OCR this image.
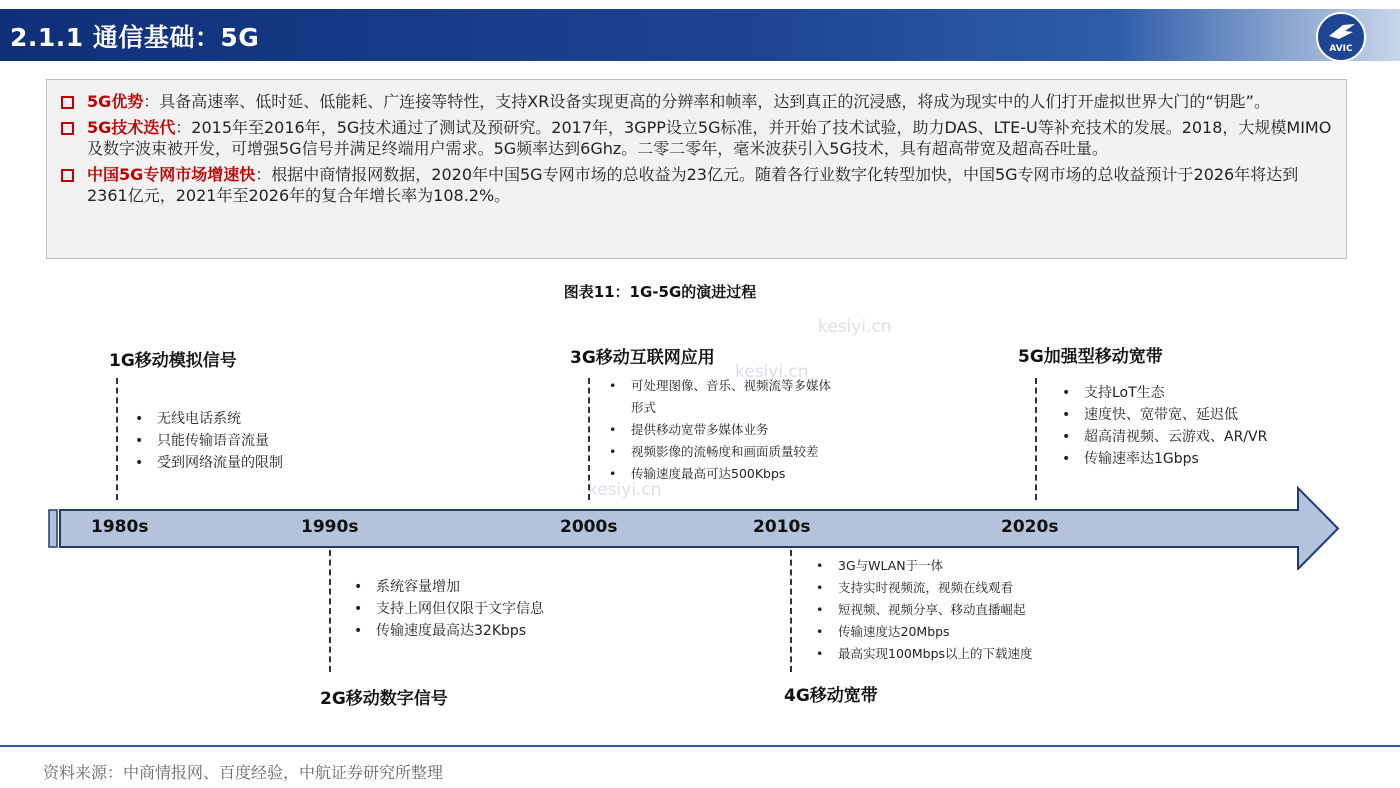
2.1.1 通信基础：5G	AVIC
5G优势：具备高速率、低时延、低能耗、广连接等特性，支持XR设备实现更高的分辨率和帧率，达到真正的沉浸感，将成为现实中的人们打开虚拟世界大门的“钥匙”。
5G技术迭代：2015年至2016年，5G技术通过了测试及预研究。2017年，3GPP设立5G标准，并开始了技术试验，助力DAS、LTE-U等补充技术的发展。2018，大规模MIMO及数字波束被开发，可增强5G信号并满足终端用户需求。5G频率达到6Ghz。二零二零年，毫米波获引入5G技术，具有超高带宽及超高吞吐量。
中国5G专网市场增速快：根据中商情报网数据，2020年中国5G专网市场的总收益为23亿元。随着各行业数字化转型加快，中国5G专网市场的总收益预计于2026年将达到2361亿元，2021年至2026年的复合年增长率为108.2%。
图表11：1G-5G的演进过程
kesiyi.cn
kesiyi.cn
kesiyi.cn
1980s	1990s	2000s	2010s	2020s
1G移动模拟信号
• 无线电话系统
• 只能传输语音流量
• 受到网络流量的限制
• 系统容量增加
• 支持上网但仅限于文字信息
• 传输速度最高达32Kbps
2G移动数字信号
3G移动互联网应用
• 可处理图像、音乐、视频流等多媒体
形式
• 提供移动宽带多媒体业务
• 视频影像的流畅度和画面质量较差
• 传输速度最高可达500Kbps
• 3G与WLAN于一体
• 支持实时视频流，视频在线观看
• 短视频、视频分享、移动直播崛起
• 传输速度达20Mbps
• 最高实现100Mbps以上的下载速度
4G移动宽带
5G加强型移动宽带
• 支持LoT生态
• 速度快、宽带宽、延迟低
• 超高清视频、云游戏、AR/VR
• 传输速率达1Gbps
资料来源：中商情报网、百度经验，中航证券研究所整理
